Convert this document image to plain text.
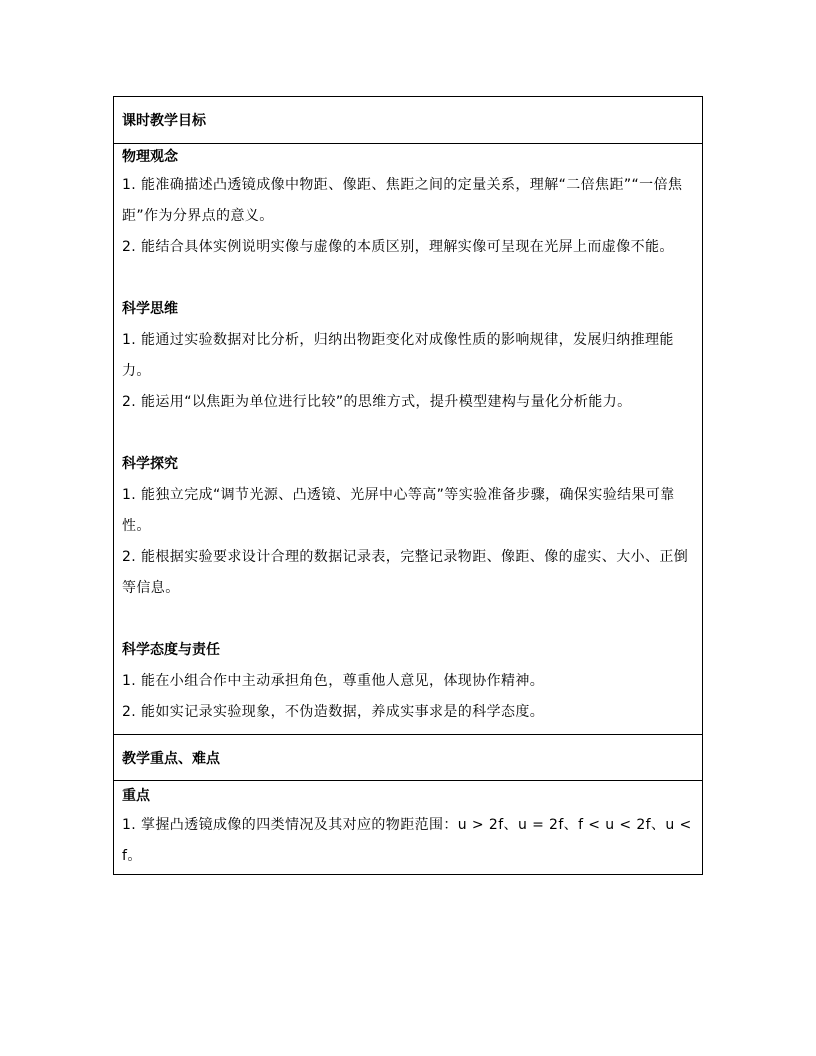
课时教学目标

物理观念

1. 能准确描述凸透镜成像中物距、像距、焦距之间的定量关系，理解“二倍焦距”“一倍焦距”作为分界点的意义。

2. 能结合具体实例说明实像与虚像的本质区别，理解实像可呈现在光屏上而虚像不能。

科学思维

1. 能通过实验数据对比分析，归纳出物距变化对成像性质的影响规律，发展归纳推理能力。

2. 能运用“以焦距为单位进行比较”的思维方式，提升模型建构与量化分析能力。

科学探究

1. 能独立完成“调节光源、凸透镜、光屏中心等高”等实验准备步骤，确保实验结果可靠性。

2. 能根据实验要求设计合理的数据记录表，完整记录物距、像距、像的虚实、大小、正倒等信息。

科学态度与责任

1. 能在小组合作中主动承担角色，尊重他人意见，体现协作精神。

2. 能如实记录实验现象，不伪造数据，养成实事求是的科学态度。

教学重点、难点

重点

1. 掌握凸透镜成像的四类情况及其对应的物距范围：u > 2f、u = 2f、f < u < 2f、u < f。
